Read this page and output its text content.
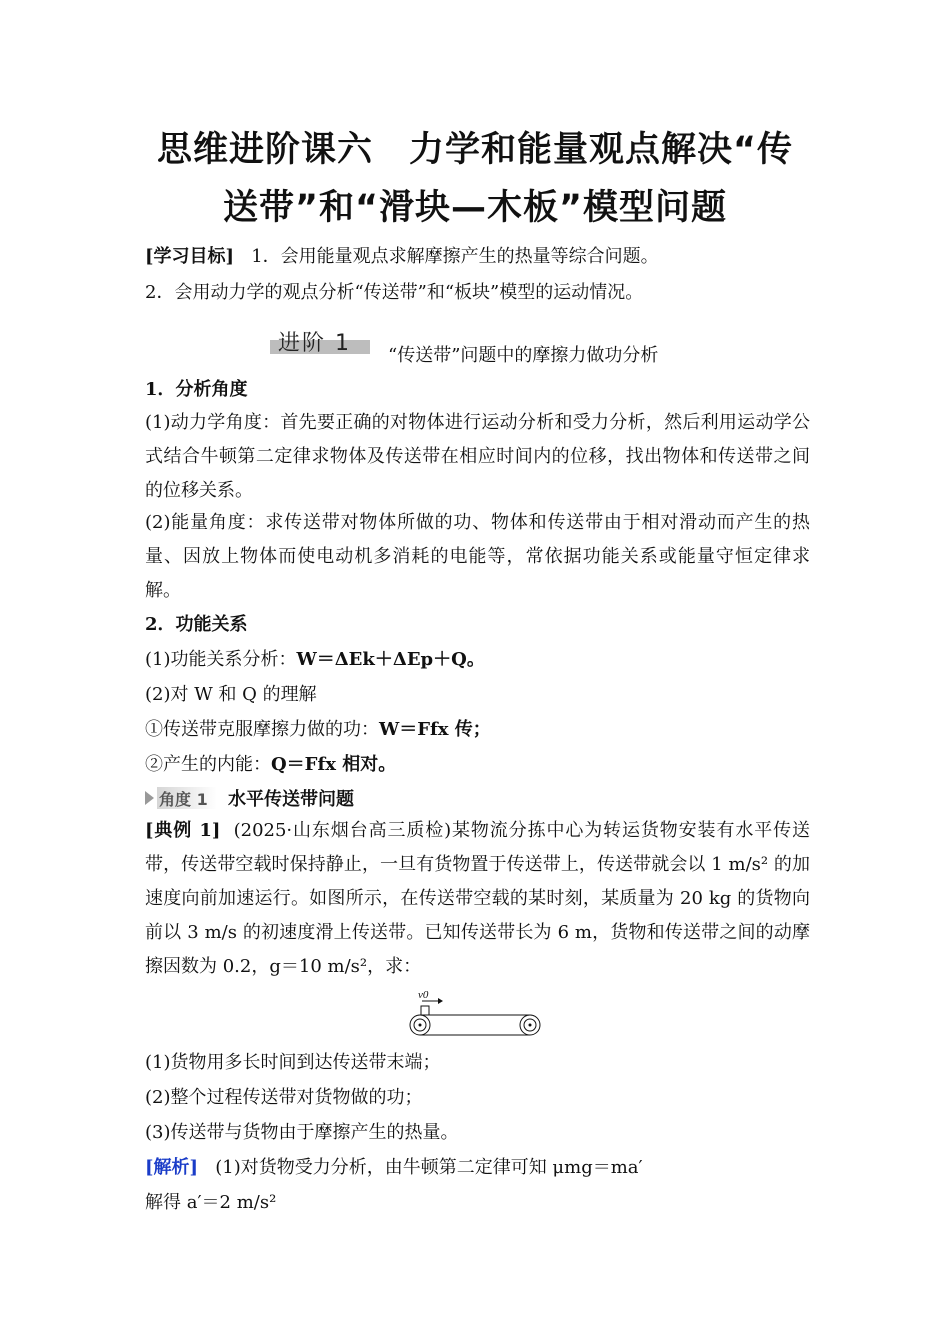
思维进阶课六　力学和能量观点解决“传
送带”和“滑块—木板”模型问题
[学习目标] 1．会用能量观点求解摩擦产生的热量等综合问题。
2．会用动力学的观点分析“传送带”和“板块”模型的运动情况。
进阶 1 “传送带”问题中的摩擦力做功分析
1．分析角度
(1)动力学角度：首先要正确的对物体进行运动分析和受力分析，然后利用运动学公式结合牛顿第二定律求物体及传送带在相应时间内的位移，找出物体和传送带之间的位移关系。
(2)能量角度：求传送带对物体所做的功、物体和传送带由于相对滑动而产生的热量、因放上物体而使电动机多消耗的电能等，常依据功能关系或能量守恒定律求解。
2．功能关系
(1)功能关系分析：W＝ΔEk＋ΔEp＋Q。
(2)对 W 和 Q 的理解
①传送带克服摩擦力做的功：W＝Ffx 传；
②产生的内能：Q＝Ffx 相对。
角度 1 水平传送带问题
[典例 1] (2025·山东烟台高三质检)某物流分拣中心为转运货物安装有水平传送带，传送带空载时保持静止，一旦有货物置于传送带上，传送带就会以 1 m/s² 的加速度向前加速运行。如图所示，在传送带空载的某时刻，某质量为 20 kg 的货物向前以 3 m/s 的初速度滑上传送带。已知传送带长为 6 m，货物和传送带之间的动摩擦因数为 0.2，g＝10 m/s²，求：
v0
(1)货物用多长时间到达传送带末端；
(2)整个过程传送带对货物做的功；
(3)传送带与货物由于摩擦产生的热量。
[解析] (1)对货物受力分析，由牛顿第二定律可知 μmg＝ma′
解得 a′＝2 m/s²
